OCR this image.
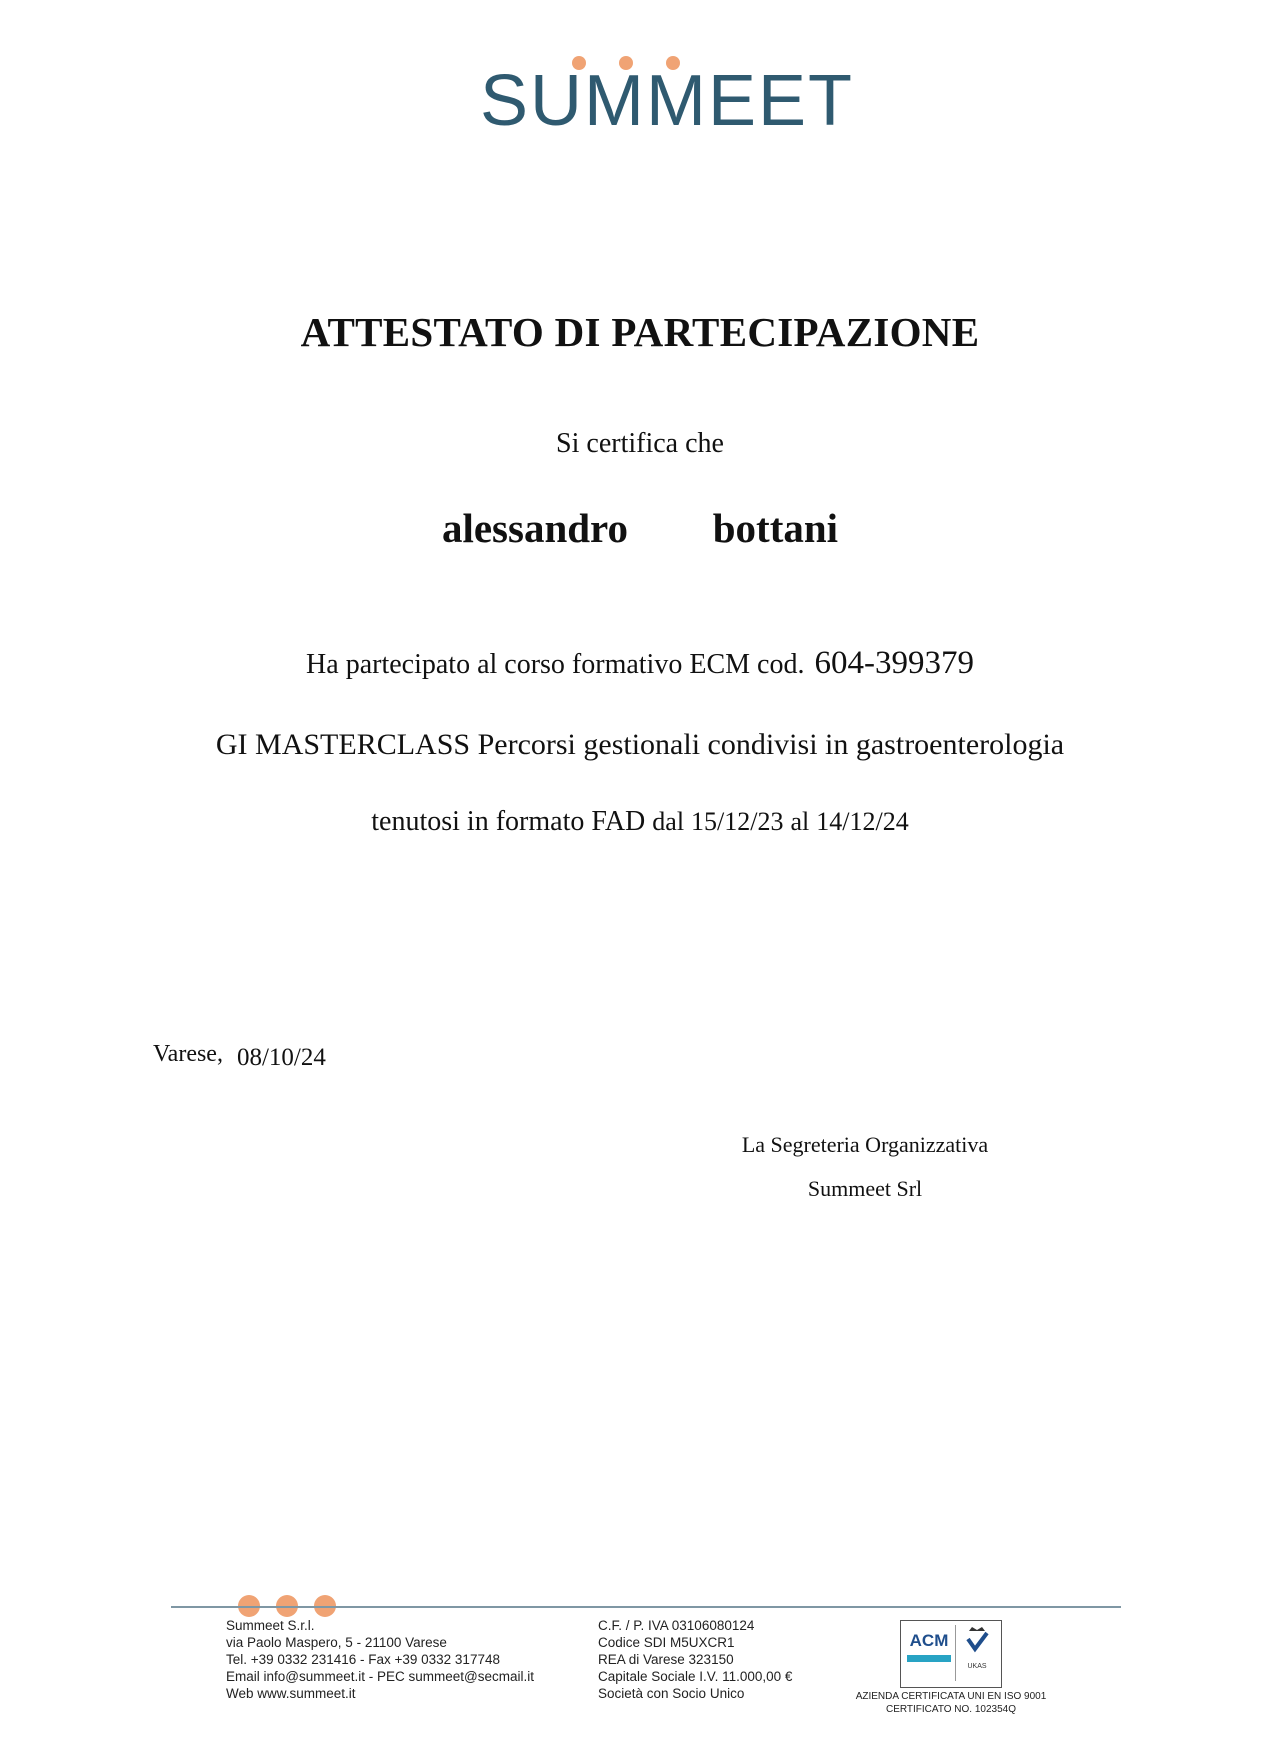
SUMMEET
ATTESTATO DI PARTECIPAZIONE
Si certifica che
alessandro   bottani
Ha partecipato al corso formativo ECM cod. 604-399379
GI MASTERCLASS Percorsi gestionali condivisi in gastroenterologia
tenutosi in formato FAD dal 15/12/23 al 14/12/24
Varese, 08/10/24
La Segreteria Organizzativa
Summeet Srl
Summeet S.r.l.
via Paolo Maspero, 5 - 21100 Varese
Tel. +39 0332 231416 - Fax +39 0332 317748
Email info@summeet.it - PEC summeet@secmail.it
Web www.summeet.it
C.F. / P. IVA 03106080124
Codice SDI M5UXCR1
REA di Varese 323150
Capitale Sociale I.V. 11.000,00 €
Società con Socio Unico
ACM
UKAS
AZIENDA CERTIFICATA UNI EN ISO 9001
CERTIFICATO NO. 102354Q
